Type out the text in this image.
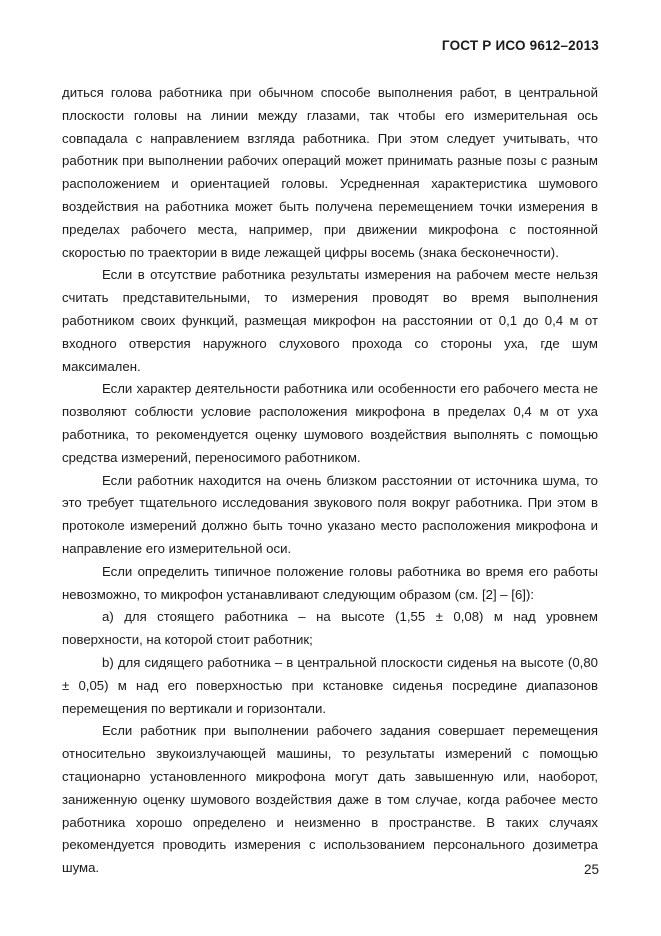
ГОСТ Р ИСО 9612–2013

диться голова работника при обычном способе выполнения работ, в центральной плоскости головы на линии между глазами, так чтобы его измерительная ось совпадала с направлением взгляда работника. При этом следует учитывать, что работник при выполнении рабочих операций может принимать разные позы с разным расположением и ориентацией головы. Усредненная характеристика шумового воздействия на работника может быть получена перемещением точки измерения в пределах рабочего места, например, при движении микрофона с постоянной скоростью по траектории в виде лежащей цифры восемь (знака бесконечности).

Если в отсутствие работника результаты измерения на рабочем месте нельзя считать представительными, то измерения проводят во время выполнения работником своих функций, размещая микрофон на расстоянии от 0,1 до 0,4 м от входного отверстия наружного слухового прохода со стороны уха, где шум максимален.

Если характер деятельности работника или особенности его рабочего места не позволяют соблюсти условие расположения микрофона в пределах 0,4 м от уха работника, то рекомендуется оценку шумового воздействия выполнять с помощью средства измерений, переносимого работником.

Если работник находится на очень близком расстоянии от источника шума, то это требует тщательного исследования звукового поля вокруг работника. При этом в протоколе измерений должно быть точно указано место расположения микрофона и направление его измерительной оси.

Если определить типичное положение головы работника во время его работы невозможно, то микрофон устанавливают следующим образом (см. [2] – [6]):

a) для стоящего работника – на высоте (1,55 ± 0,08) м над уровнем поверхности, на которой стоит работник;

b) для сидящего работника – в центральной плоскости сиденья на высоте (0,80 ± 0,05) м над его поверхностью при кстановке сиденья посредине диапазонов перемещения по вертикали и горизонтали.

Если работник при выполнении рабочего задания совершает перемещения относительно звукоизлучающей машины, то результаты измерений с помощью стационарно установленного микрофона могут дать завышенную или, наоборот, заниженную оценку шумового воздействия даже в том случае, когда рабочее место работника хорошо определено и неизменно в пространстве. В таких случаях рекомендуется проводить измерения с использованием персонального дозиметра шума.	25
